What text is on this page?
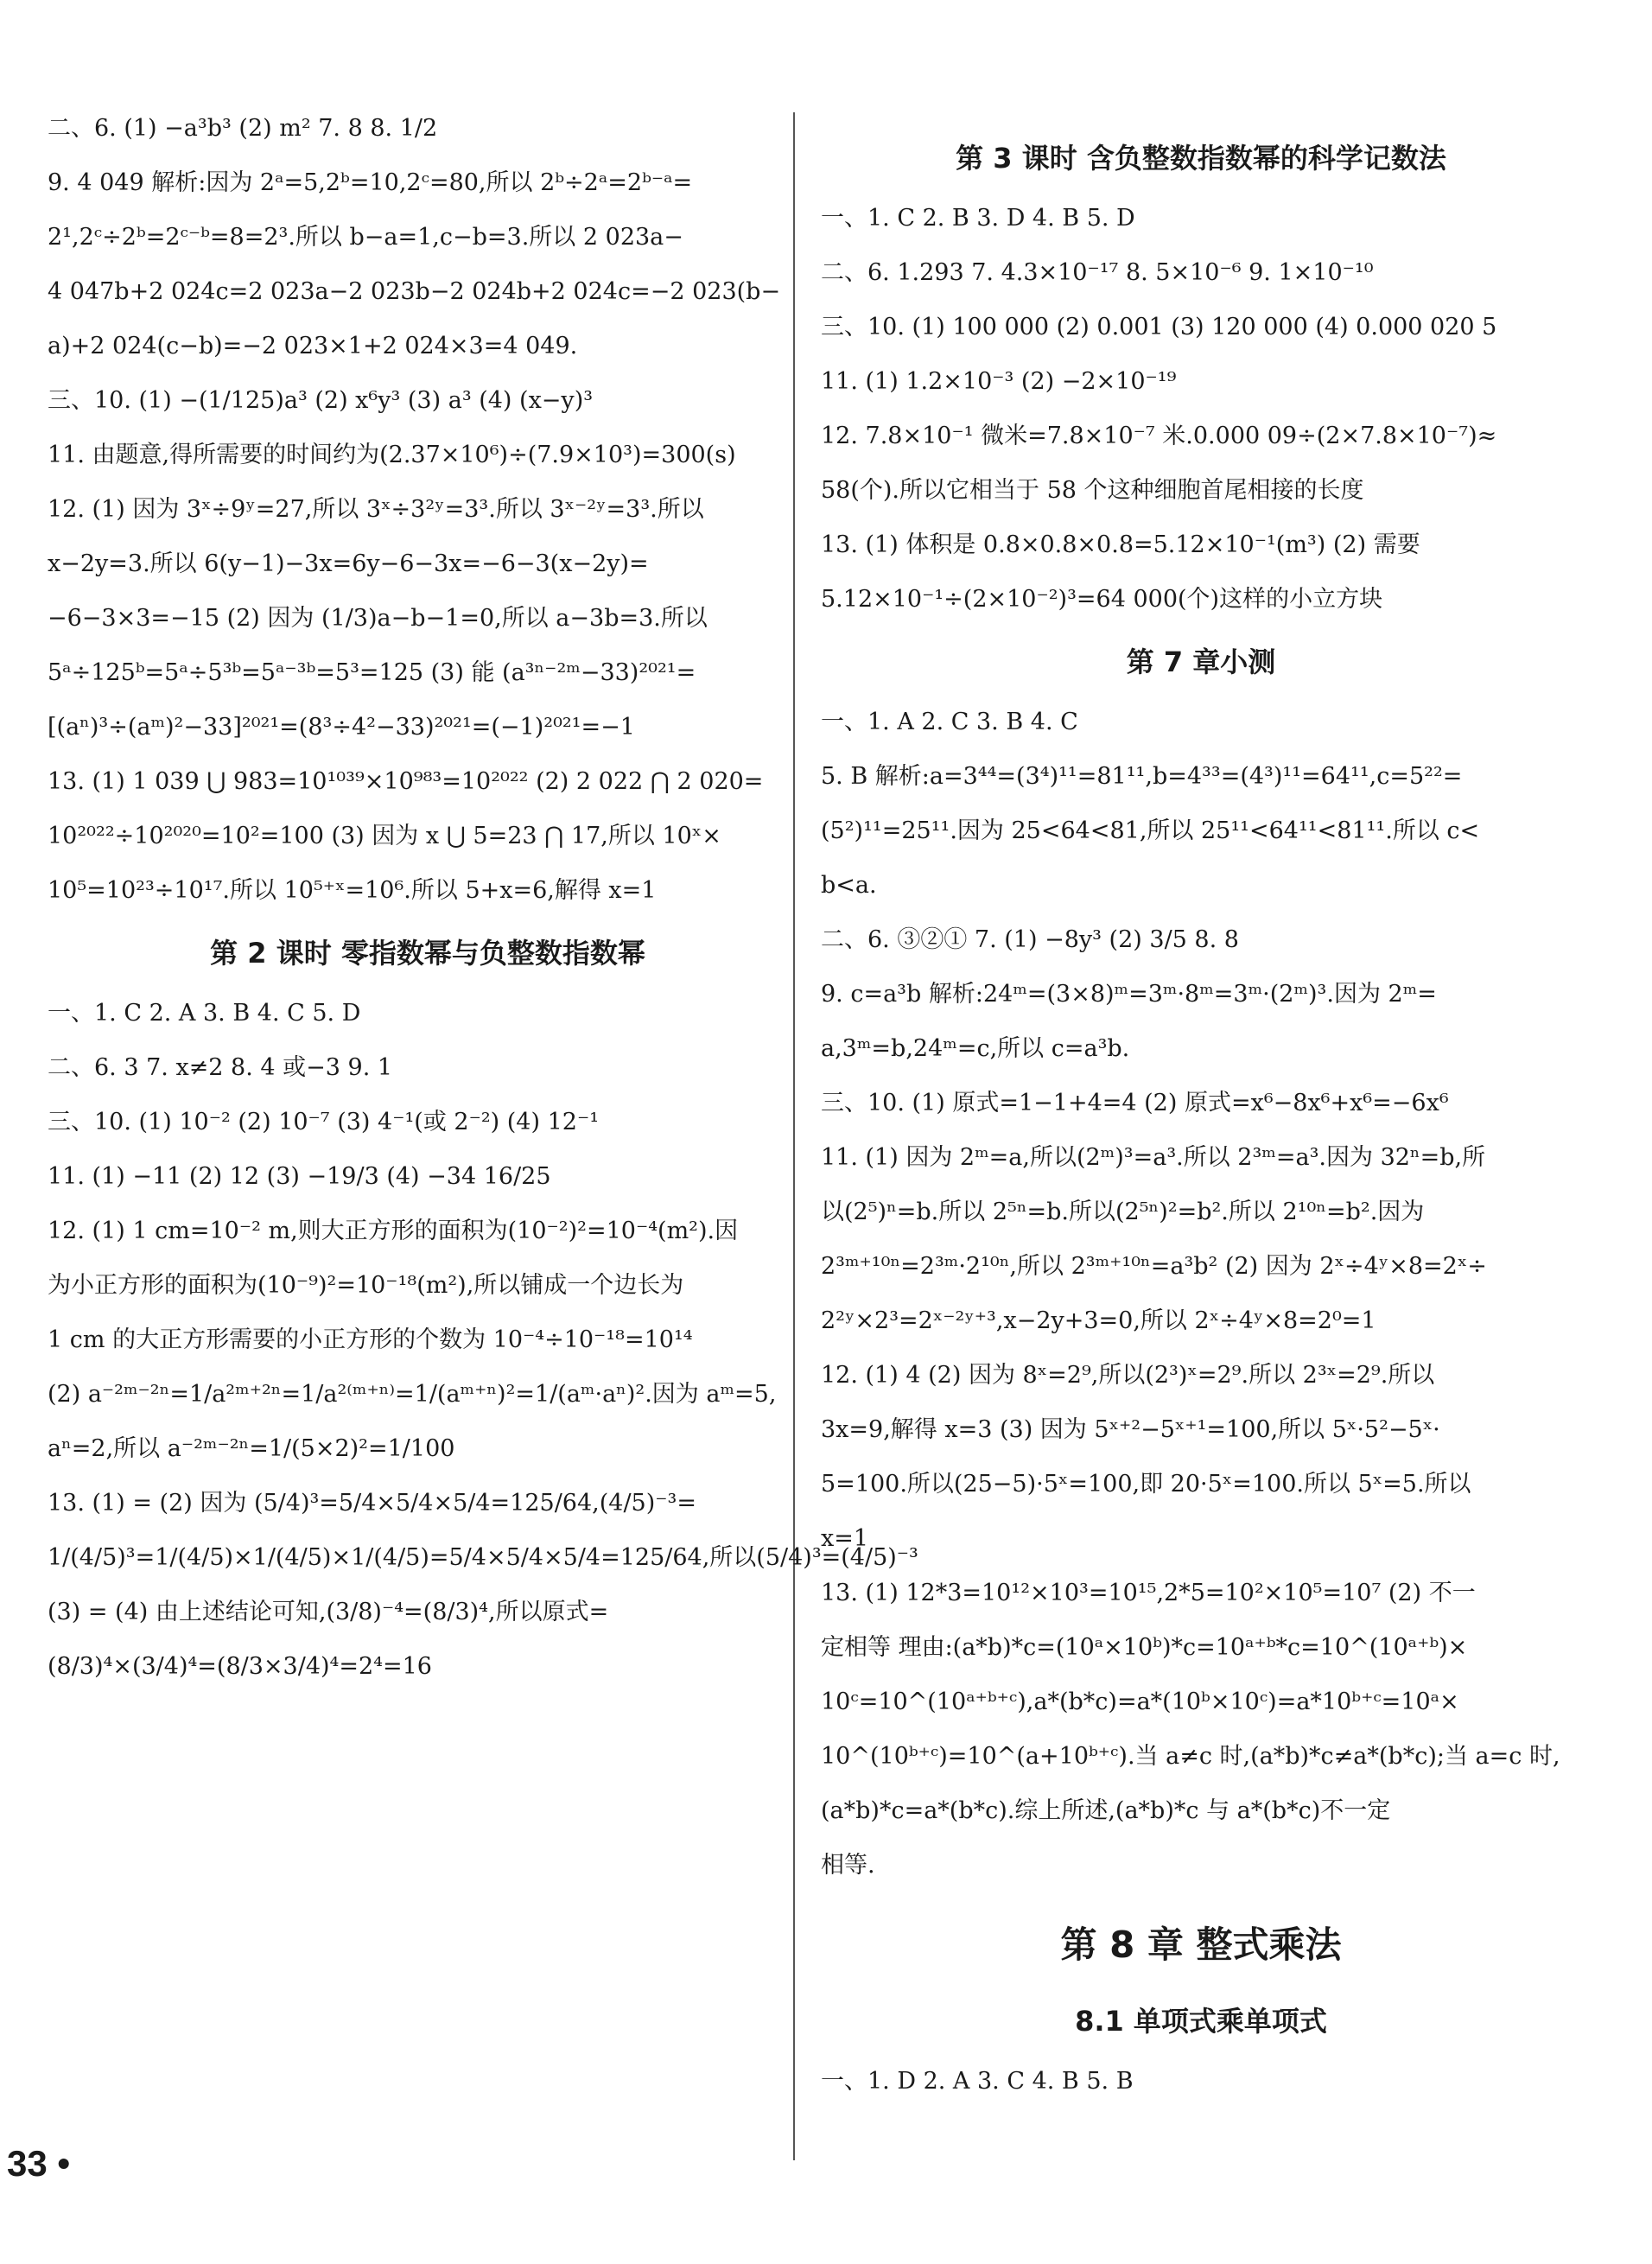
二、6. (1) −a³b³ (2) m² 7. 8 8. 1/2
9. 4 049 解析:因为 2ᵃ=5,2ᵇ=10,2ᶜ=80,所以 2ᵇ÷2ᵃ=2ᵇ⁻ᵃ=
2¹,2ᶜ÷2ᵇ=2ᶜ⁻ᵇ=8=2³.所以 b−a=1,c−b=3.所以 2 023a−
4 047b+2 024c=2 023a−2 023b−2 024b+2 024c=−2 023(b−
a)+2 024(c−b)=−2 023×1+2 024×3=4 049.
三、10. (1) −(1/125)a³ (2) x⁶y³ (3) a³ (4) (x−y)³
11. 由题意,得所需要的时间约为(2.37×10⁶)÷(7.9×10³)=300(s)
12. (1) 因为 3ˣ÷9ʸ=27,所以 3ˣ÷3²ʸ=3³.所以 3ˣ⁻²ʸ=3³.所以
x−2y=3.所以 6(y−1)−3x=6y−6−3x=−6−3(x−2y)=
−6−3×3=−15 (2) 因为 (1/3)a−b−1=0,所以 a−3b=3.所以
5ᵃ÷125ᵇ=5ᵃ÷5³ᵇ=5ᵃ⁻³ᵇ=5³=125 (3) 能 (a³ⁿ⁻²ᵐ−33)²⁰²¹=
[(aⁿ)³÷(aᵐ)²−33]²⁰²¹=(8³÷4²−33)²⁰²¹=(−1)²⁰²¹=−1
13. (1) 1 039 ⋃ 983=10¹⁰³⁹×10⁹⁸³=10²⁰²² (2) 2 022 ⋂ 2 020=
10²⁰²²÷10²⁰²⁰=10²=100 (3) 因为 x ⋃ 5=23 ⋂ 17,所以 10ˣ×
10⁵=10²³÷10¹⁷.所以 10⁵⁺ˣ=10⁶.所以 5+x=6,解得 x=1
第 2 课时 零指数幂与负整数指数幂
一、1. C 2. A 3. B 4. C 5. D
二、6. 3 7. x≠2 8. 4 或−3 9. 1
三、10. (1) 10⁻² (2) 10⁻⁷ (3) 4⁻¹(或 2⁻²) (4) 12⁻¹
11. (1) −11 (2) 12 (3) −19/3 (4) −34 16/25
12. (1) 1 cm=10⁻² m,则大正方形的面积为(10⁻²)²=10⁻⁴(m²).因
为小正方形的面积为(10⁻⁹)²=10⁻¹⁸(m²),所以铺成一个边长为
1 cm 的大正方形需要的小正方形的个数为 10⁻⁴÷10⁻¹⁸=10¹⁴
(2) a⁻²ᵐ⁻²ⁿ=1/a²ᵐ⁺²ⁿ=1/a²⁽ᵐ⁺ⁿ⁾=1/(aᵐ⁺ⁿ)²=1/(aᵐ·aⁿ)².因为 aᵐ=5,
aⁿ=2,所以 a⁻²ᵐ⁻²ⁿ=1/(5×2)²=1/100
13. (1) = (2) 因为 (5/4)³=5/4×5/4×5/4=125/64,(4/5)⁻³=
1/(4/5)³=1/(4/5)×1/(4/5)×1/(4/5)=5/4×5/4×5/4=125/64,所以(5/4)³=(4/5)⁻³
(3) = (4) 由上述结论可知,(3/8)⁻⁴=(8/3)⁴,所以原式=
(8/3)⁴×(3/4)⁴=(8/3×3/4)⁴=2⁴=16
第 3 课时 含负整数指数幂的科学记数法
一、1. C 2. B 3. D 4. B 5. D
二、6. 1.293 7. 4.3×10⁻¹⁷ 8. 5×10⁻⁶ 9. 1×10⁻¹⁰
三、10. (1) 100 000 (2) 0.001 (3) 120 000 (4) 0.000 020 5
11. (1) 1.2×10⁻³ (2) −2×10⁻¹⁹
12. 7.8×10⁻¹ 微米=7.8×10⁻⁷ 米.0.000 09÷(2×7.8×10⁻⁷)≈
58(个).所以它相当于 58 个这种细胞首尾相接的长度
13. (1) 体积是 0.8×0.8×0.8=5.12×10⁻¹(m³) (2) 需要
5.12×10⁻¹÷(2×10⁻²)³=64 000(个)这样的小立方块
第 7 章小测
一、1. A 2. C 3. B 4. C
5. B 解析:a=3⁴⁴=(3⁴)¹¹=81¹¹,b=4³³=(4³)¹¹=64¹¹,c=5²²=
(5²)¹¹=25¹¹.因为 25<64<81,所以 25¹¹<64¹¹<81¹¹.所以 c<
b<a.
二、6. ③②① 7. (1) −8y³ (2) 3/5 8. 8
9. c=a³b 解析:24ᵐ=(3×8)ᵐ=3ᵐ·8ᵐ=3ᵐ·(2ᵐ)³.因为 2ᵐ=
a,3ᵐ=b,24ᵐ=c,所以 c=a³b.
三、10. (1) 原式=1−1+4=4 (2) 原式=x⁶−8x⁶+x⁶=−6x⁶
11. (1) 因为 2ᵐ=a,所以(2ᵐ)³=a³.所以 2³ᵐ=a³.因为 32ⁿ=b,所
以(2⁵)ⁿ=b.所以 2⁵ⁿ=b.所以(2⁵ⁿ)²=b².所以 2¹⁰ⁿ=b².因为
2³ᵐ⁺¹⁰ⁿ=2³ᵐ·2¹⁰ⁿ,所以 2³ᵐ⁺¹⁰ⁿ=a³b² (2) 因为 2ˣ÷4ʸ×8=2ˣ÷
2²ʸ×2³=2ˣ⁻²ʸ⁺³,x−2y+3=0,所以 2ˣ÷4ʸ×8=2⁰=1
12. (1) 4 (2) 因为 8ˣ=2⁹,所以(2³)ˣ=2⁹.所以 2³ˣ=2⁹.所以
3x=9,解得 x=3 (3) 因为 5ˣ⁺²−5ˣ⁺¹=100,所以 5ˣ·5²−5ˣ·
5=100.所以(25−5)·5ˣ=100,即 20·5ˣ=100.所以 5ˣ=5.所以
x=1
13. (1) 12*3=10¹²×10³=10¹⁵,2*5=10²×10⁵=10⁷ (2) 不一
定相等 理由:(a*b)*c=(10ᵃ×10ᵇ)*c=10ᵃ⁺ᵇ*c=10^(10ᵃ⁺ᵇ)×
10ᶜ=10^(10ᵃ⁺ᵇ⁺ᶜ),a*(b*c)=a*(10ᵇ×10ᶜ)=a*10ᵇ⁺ᶜ=10ᵃ×
10^(10ᵇ⁺ᶜ)=10^(a+10ᵇ⁺ᶜ).当 a≠c 时,(a*b)*c≠a*(b*c);当 a=c 时,
(a*b)*c=a*(b*c).综上所述,(a*b)*c 与 a*(b*c)不一定
相等.
第 8 章 整式乘法
8.1 单项式乘单项式
一、1. D 2. A 3. C 4. B 5. B
33 •
